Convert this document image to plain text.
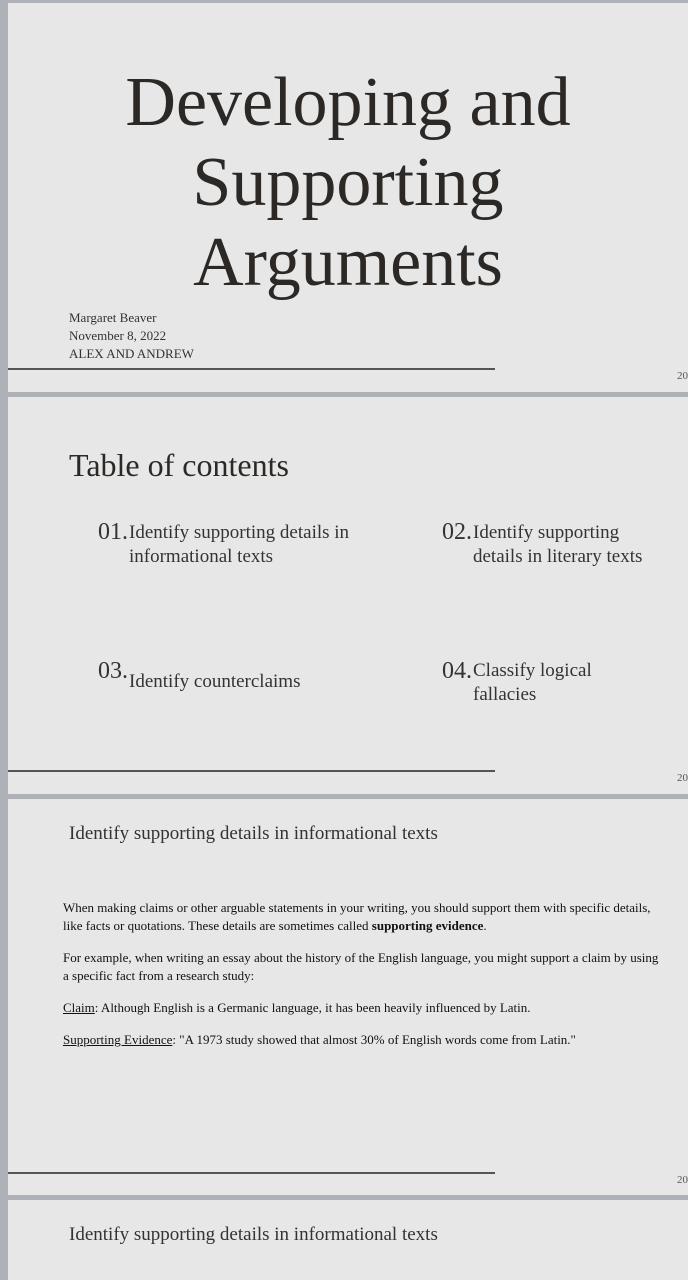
Developing and
Supporting
Arguments
Margaret Beaver
November 8, 2022
ALEX AND ANDREW
20
Table of contents
01. Identify supporting details in informational texts
02. Identify supporting details in literary texts
03. Identify counterclaims	04. Classify logical fallacies
20
Identify supporting details in informational texts

When making claims or other arguable statements in your writing, you should support them with specific details, like facts or quotations. These details are sometimes called supporting evidence.

For example, when writing an essay about the history of the English language, you might support a claim by using a specific fact from a research study:

Claim: Although English is a Germanic language, it has been heavily influenced by Latin.

Supporting Evidence: "A 1973 study showed that almost 30% of English words come from Latin."

20
Identify supporting details in informational texts
